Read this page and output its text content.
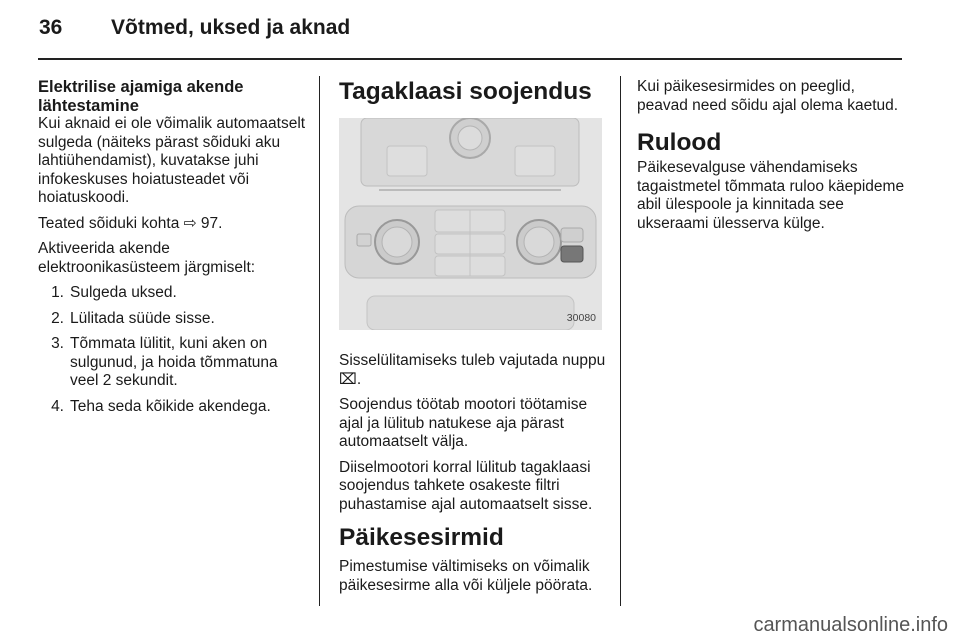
36 Võtmed, uksed ja aknad
Elektrilise ajamiga akende lähtestamine

Kui aknaid ei ole võimalik automaatselt sulgeda (näiteks pärast sõiduki aku lahtiühendamist), kuvatakse juhi infokeskuses hoiatusteadet või hoiatuskoodi.

Teated sõiduki kohta ⇨ 97.

Aktiveerida akende elektroonikasüsteem järgmiselt:

1. Sulgeda uksed.
2. Lülitada süüde sisse.
3. Tõmmata lülitit, kuni aken on sulgunud, ja hoida tõmmatuna veel 2 sekundit.
4. Teha seda kõikide akendega.
Tagaklaasi soojendus
30080

Sisselülitamiseks tuleb vajutada nuppu ⌧.

Soojendus töötab mootori töötamise ajal ja lülitub natukese aja pärast automaatselt välja.

Diiselmootori korral lülitub tagaklaasi soojendus tahkete osakeste filtri puhastamise ajal automaatselt sisse.

Päikesesirmid

Pimestumise vältimiseks on võimalik päikesesirme alla või küljele pöörata.

Kui päikesesirmides on peeglid, peavad need sõidu ajal olema kaetud.

Rulood

Päikesevalguse vähendamiseks tagaistmetel tõmmata ruloo käepideme abil ülespoole ja kinnitada see ukseraami ülesserva külge.

carmanualsonline.info
